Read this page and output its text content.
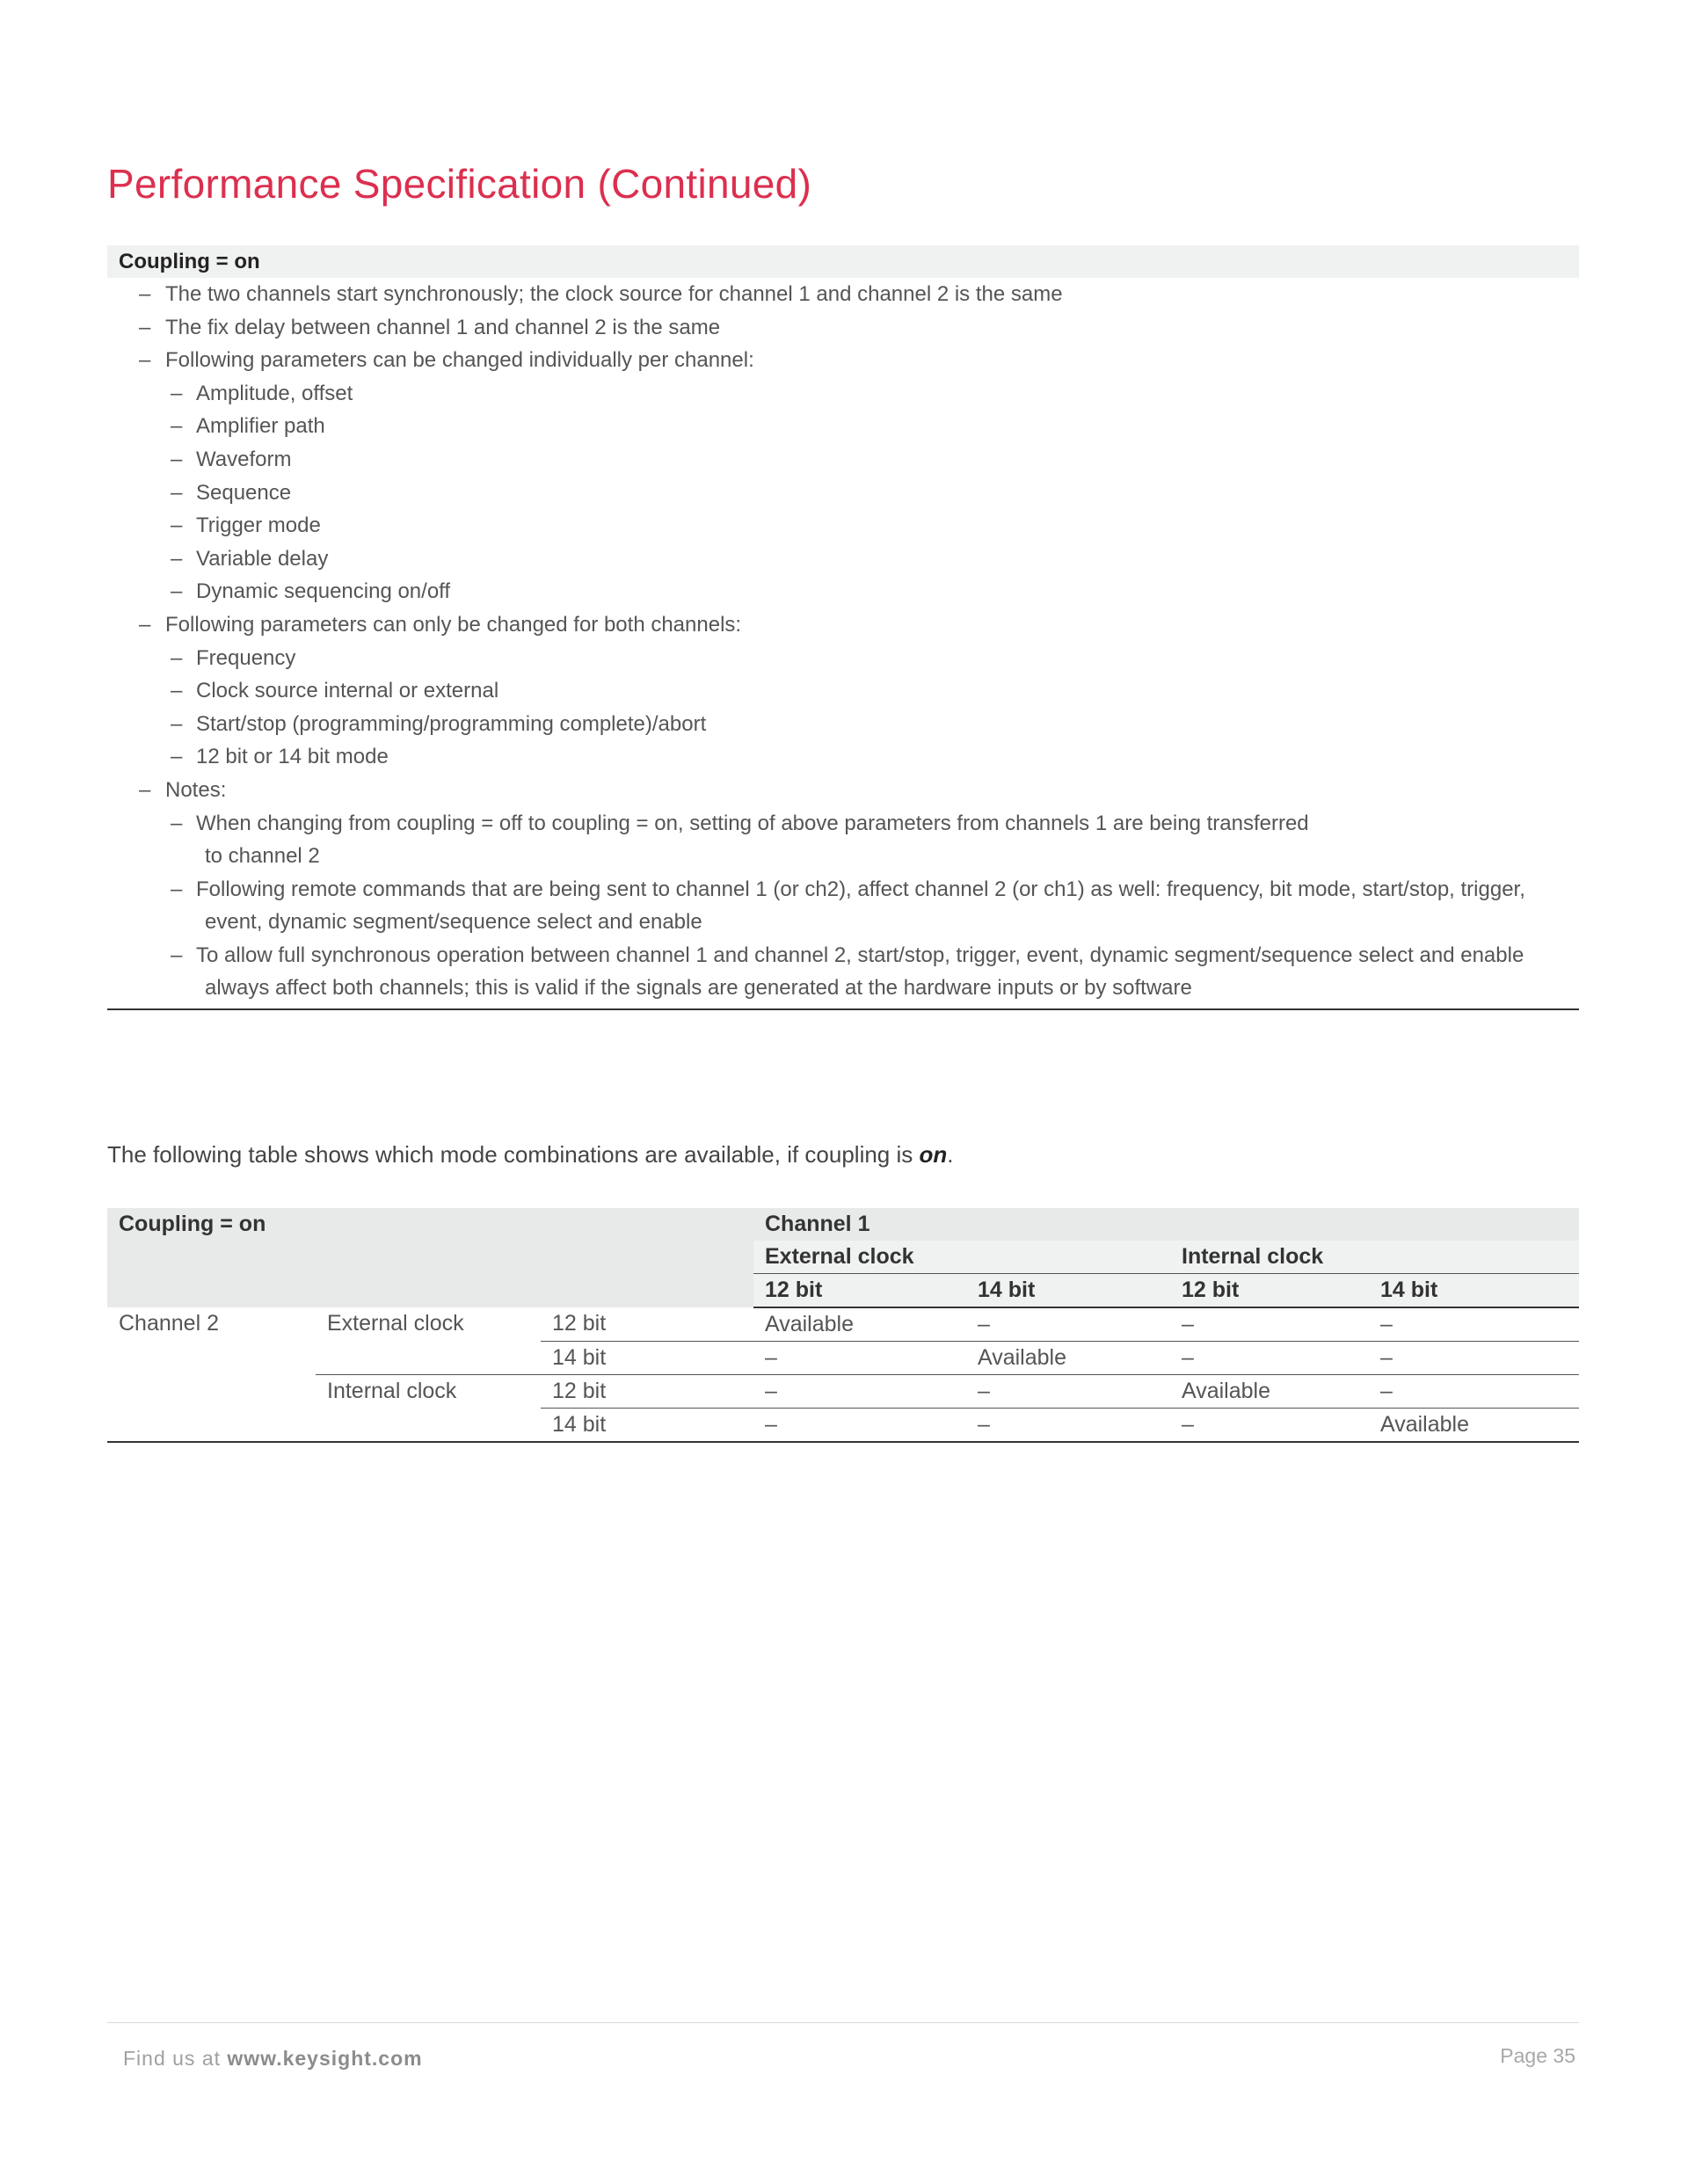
Performance Specification (Continued)
Coupling = on
– The two channels start synchronously; the clock source for channel 1 and channel 2 is the same
– The fix delay between channel 1 and channel 2 is the same
– Following parameters can be changed individually per channel:
– Amplitude, offset
– Amplifier path
– Waveform
– Sequence
– Trigger mode
– Variable delay
– Dynamic sequencing on/off
– Following parameters can only be changed for both channels:
– Frequency
– Clock source internal or external
– Start/stop (programming/programming complete)/abort
– 12 bit or 14 bit mode
– Notes:
– When changing from coupling = off to coupling = on, setting of above parameters from channels 1 are being transferred
to channel 2
– Following remote commands that are being sent to channel 1 (or ch2), affect channel 2 (or ch1) as well: frequency, bit mode, start/stop, trigger,
event, dynamic segment/sequence select and enable
– To allow full synchronous operation between channel 1 and channel 2, start/stop, trigger, event, dynamic segment/sequence select and enable
always affect both channels; this is valid if the signals are generated at the hardware inputs or by software

The following table shows which mode combinations are available, if coupling is on.

Coupling = on			Channel 1			
			External clock		Internal clock	
			12 bit	14 bit	12 bit	14 bit
Channel 2	External clock	12 bit	Available	–	–	–
		14 bit	–	Available	–	–
	Internal clock	12 bit	–	–	Available	–
		14 bit	–	–	–	Available
Find us at www.keysight.com	Page 35
